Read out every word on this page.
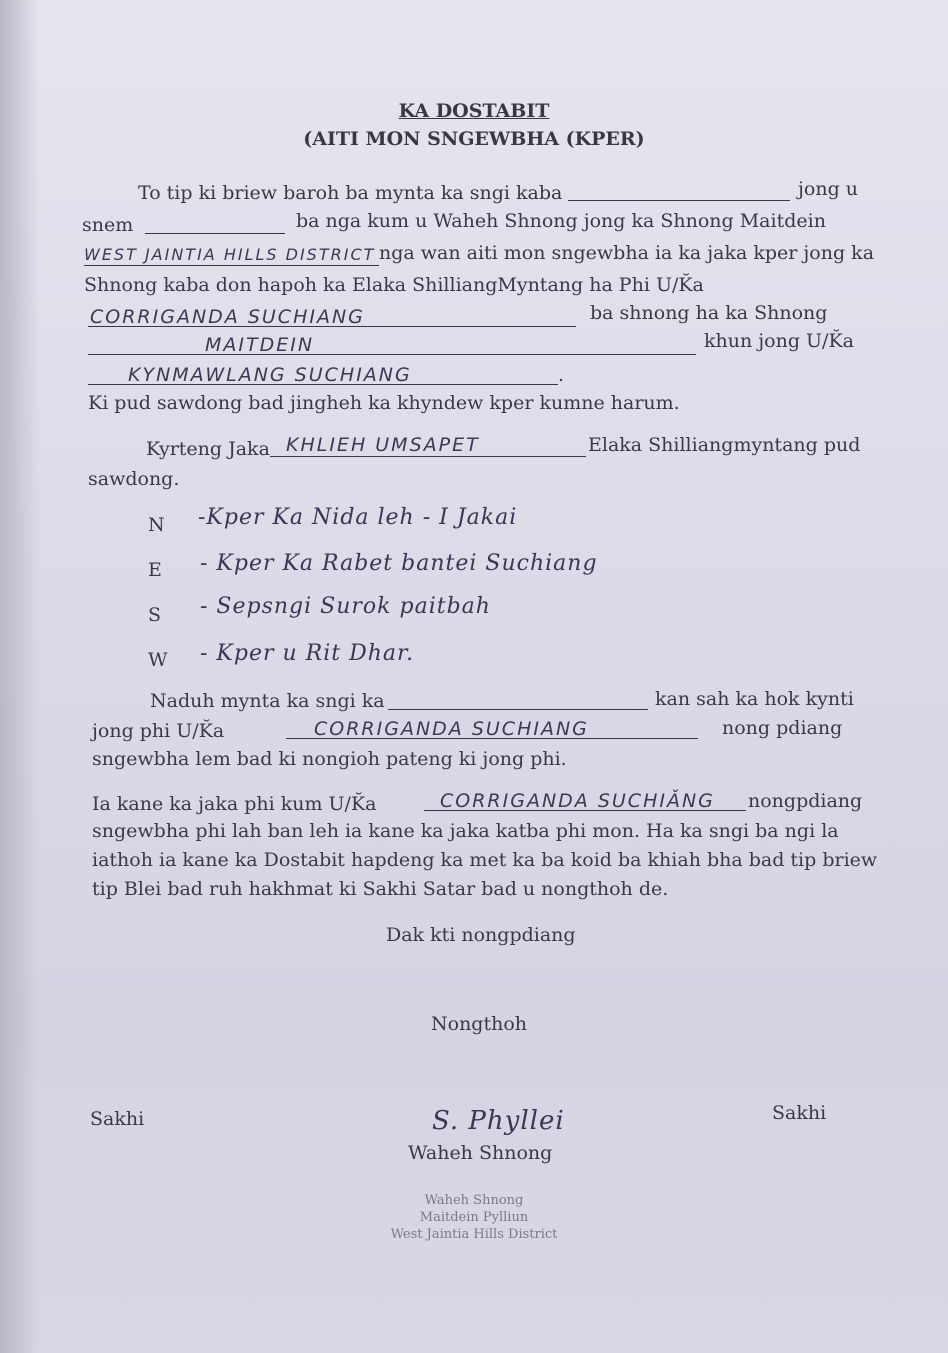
KA DOSTABIT
(AITI MON SNGEWBHA (KPER)
To tip ki briew baroh ba mynta ka sngi kaba	jong u
snem	ba nga kum u Waheh Shnong jong ka Shnong Maitdein
WEST JAINTIA HILLS DISTRICT nga wan aiti mon sngewbha ia ka jaka kper jong ka
Shnong kaba don hapoh ka Elaka ShilliangMyntang ha Phi U/K̆a
CORRIGANDA SUCHIANG	ba shnong ha ka Shnong
MAITDEIN	khun jong U/K̆a
KYNMAWLANG SUCHIANG	.
Ki pud sawdong bad jingheh ka khyndew kper kumne harum.
Kyrteng Jaka KHLIEH UMSAPET	Elaka Shilliangmyntang pud
sawdong.
N -Kper Ka Nida leh - I Jakai
E - Kper Ka Rabet bantei Suchiang
S - Sepsngi Surok paitbah
W - Kper u Rit Dhar.
Naduh mynta ka sngi ka	kan sah ka hok kynti
jong phi U/K̆a	CORRIGANDA SUCHIANG	nong pdiang
sngewbha lem bad ki nongioh pateng ki jong phi.
Ia kane ka jaka phi kum U/K̆a	CORRIGANDA SUCHIǍNG nongpdiang
sngewbha phi lah ban leh ia kane ka jaka katba phi mon. Ha ka sngi ba ngi la
iathoh ia kane ka Dostabit hapdeng ka met ka ba koid ba khiah bha bad tip briew
tip Blei bad ruh hakhmat ki Sakhi Satar bad u nongthoh de.
Dak kti nongpdiang
Nongthoh
Sakhi	Sakhi
S. Phyllei
Waheh Shnong
Waheh Shnong
Maitdein Pylliun
West Jaintia Hills District
